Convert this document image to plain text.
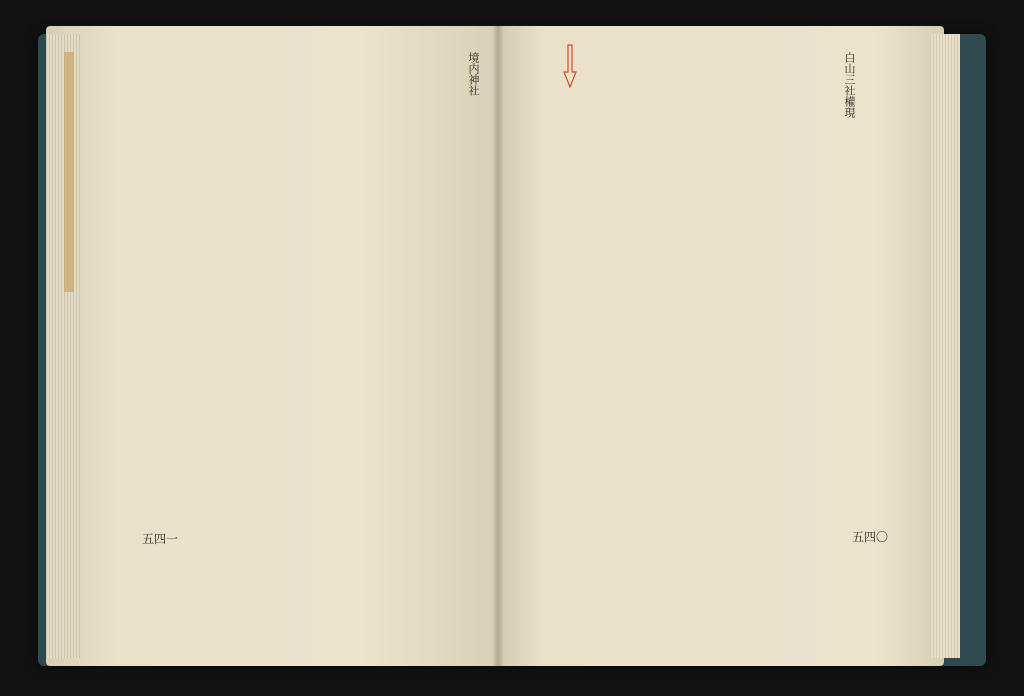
境内神社	白山三社權現
五四一	五四〇
